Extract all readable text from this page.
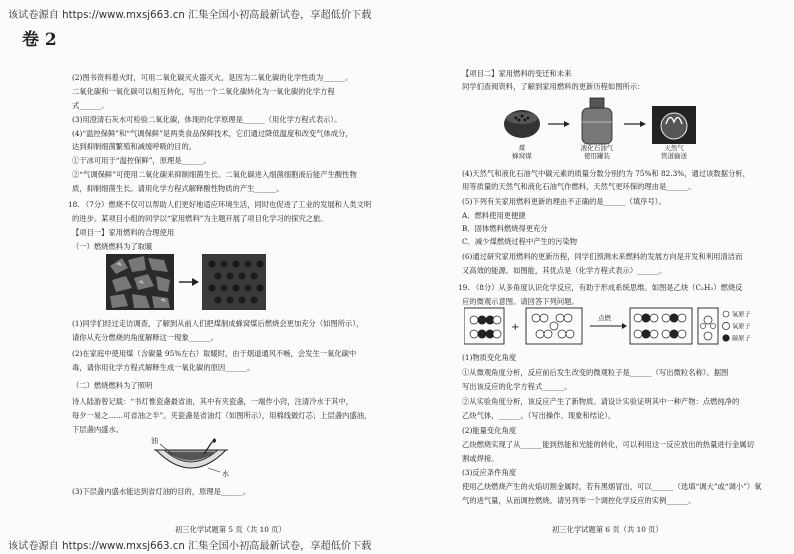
该试卷源自 https://www.mxsj663.cn 汇集全国小初高最新试卷，享超低价下载
卷 2

(2)图书资料着火时，可用二氧化碳灭火器灭火，是因为二氧化碳的化学性质为______。

二氧化碳和一氧化碳可以相互转化，写出一个二氧化碳转化为一氧化碳的化学方程

式______。

(3)用澄清石灰水可检验二氧化碳，体现的化学原理是______（用化学方程式表示）。

(4)“温控保鲜”和“气调保鲜”是两类食品保鲜技术，它们通过降低温度和改变气体成分，

达到抑制细菌繁殖和减缓呼吸的目的。

①干冰可用于“温控保鲜”，原理是______。

②“气调保鲜”可使用二氧化碳来抑制细菌生长。二氧化碳进入细菌细胞液后能产生酸性物

质，抑制细菌生长。请用化学方程式解释酸性物质的产生______。

18. （7分）燃烧不仅可以帮助人们更好地适应环境生活，同时也促进了工业的发展和人类文明

的进步。某项目小组的同学以“家用燃料”为主题开展了项目化学习的探究之旅。

【项目一】家用燃料的合理使用

（一）燃烧燃料为了取暖

(1)同学们经过走访调查，了解到从前人们把煤制成蜂窝煤后燃烧会更加充分（如图所示），

请你从充分燃烧的角度解释这一现象______。

(2)在家庭中使用煤（含碳量 95%左右）取暖时，由于烟道通风不畅，会发生一氧化碳中

毒，请你用化学方程式解释生成一氧化碳的原因______。

（二）燃烧燃料为了照明

诗人陆游曾记载：“书灯惟瓷盏最省油，其中有夹瓷盏，一端作小窍，注清冷水于其中，

每夕一易之……可省油之半”。夹瓷盏是省油灯（如图所示），用棉线做灯芯；上层盏内盛油，

下层盏内盛水。

油
水

(3)下层盏内盛水能达到省灯油的目的，原理是______。

初三化学试题第 5 页（共 10 页）

【项目二】家用燃料的变迁和未来

同学们查阅资料，了解到家用燃料的更新历程如图所示：

煤
蜂窝煤
液化石油气
使用罐装
天然气
管道输送

(4)天然气和液化石油气中碳元素的质量分数分别约为 75%和 82.3%，通过该数据分析，

用等质量的天然气和液化石油气作燃料，天然气更环保的理由是______。

(5)下列有关家用燃料更新的理由不正确的是______（填序号）。

A．燃料使用更便捷

B．固体燃料燃烧得更充分

C．减少煤燃烧过程中产生的污染物

(6)通过研究家用燃料的更新历程，同学们预测未来燃料的发展方向是开发和利用清洁而

又高效的能源。如图能，其优点是（化学方程式表示）______。

19. （8分）从多角度认识化学反应，有助于形成系统思维。如图是乙炔（C₂H₂）燃烧反

应的微观示意图。请回答下列问题。

+
点燃	氢原子
氧原子
碳原子

(1)物质变化角度

①从微观角度分析，反应前后发生改变的微观粒子是______（写出微粒名称）。据图

写出该反应的化学方程式______。

②从实验角度分析，该反应产生了新物质。请设计实验证明其中一种产物：点燃纯净的

乙炔气体，______。（写出操作、现象和结论）。

(2)能量变化角度

乙炔燃烧实现了从______能到热能和光能的转化，可以利用这一反应放出的热量进行金属切

割或焊接。

(3)反应条件角度

使用乙炔燃烧产生的火焰切割金属时，若有黑烟冒出，可以______（选填“调大”或“调小”）氧

气的进气量，从而调控燃烧。请另列举一个调控化学反应的实例______。

初三化学试题第 6 页（共 10 页）
该试卷源自 https://www.mxsj663.cn 汇集全国小初高最新试卷，享超低价下载
